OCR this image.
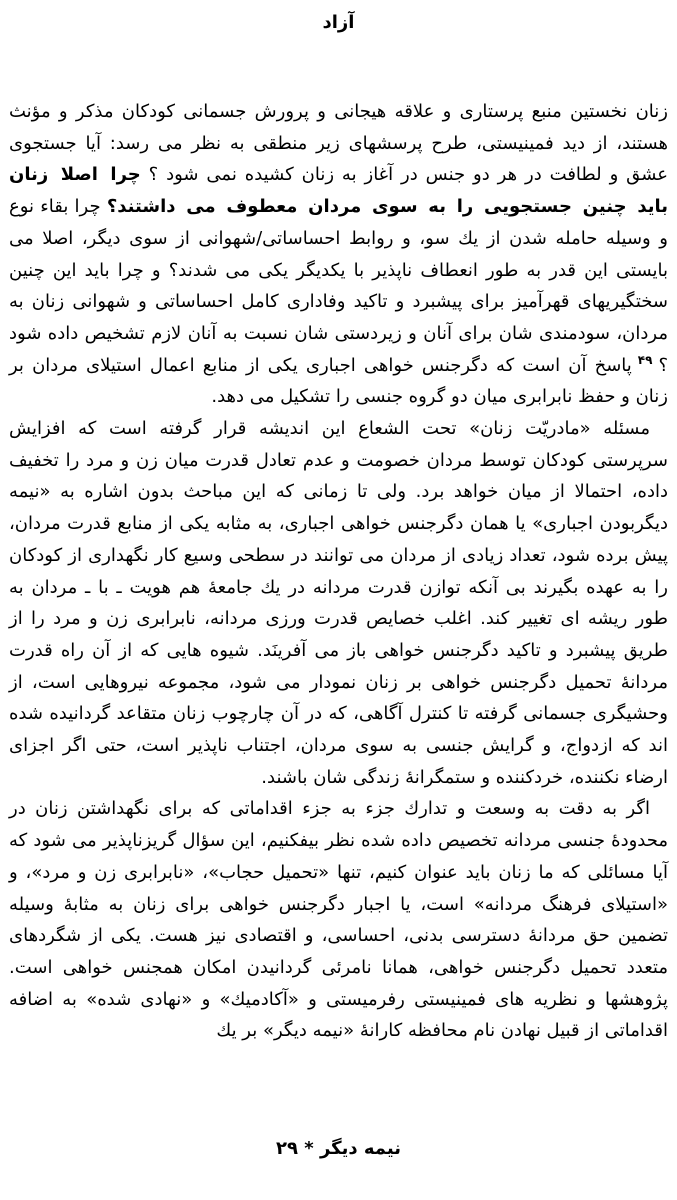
آزاد

زنان نخستین منبع پرستاری و علاقه هیجانی و پرورش جسمانی کودکان مذکر و مؤنث هستند، از دید فمینیستی، طرح پرسشهای زیر منطقی به نظر می رسد: آیا جستجوی عشق و لطافت در هر دو جنس در آغاز به زنان کشیده نمی شود ؟ چرا اصلا زنان باید چنین جستجویی را به سوی مردان معطوف می داشتند؟ چرا بقاء نوع و وسیله حامله شدن از یك سو، و روابط احساساتی/شهوانی از سوی دیگر، اصلا می بایستی این قدر به طور انعطاف ناپذیر با یکدیگر یکی می شدند؟ و چرا باید این چنین سختگیریهای قهرآمیز برای پیشبرد و تاکید وفاداری کامل احساساتی و شهوانی زنان به مردان، سودمندی شان برای آنان و زیردستی شان نسبت به آنان لازم تشخیص داده شود ؟$^{۴۹}$پاسخ آن است که دگرجنس خواهی اجباری یکی از منابع اعمال استیلای مردان بر زنان و حفظ نابرابری میان دو گروه جنسی را تشکیل می دهد.

مسئله «مادریّت زنان» تحت الشعاع این اندیشه قرار گرفته است که افزایش سرپرستی کودکان توسط مردان خصومت و عدم تعادل قدرت میان زن و مرد را تخفیف داده، احتمالا از میان خواهد برد. ولی تا زمانی که این مباحث بدون اشاره به «نیمه دیگربودن اجباری» یا همان دگرجنس خواهی اجباری، به مثابه یکی از منابع قدرت مردان، پیش برده شود، تعداد زیادی از مردان می توانند در سطحی وسیع کار نگهداری از کودکان را به عهده بگیرند بی آنکه توازن قدرت مردانه در یك جامعهٔ هم هویت ـ با ـ مردان به طور ریشه ای تغییر کند. اغلب خصایص قدرت ورزی مردانه، نابرابری زن و مرد را از طریق پیشبرد و تاکید دگرجنس خواهی باز می آفرینَد. شیوه هایی که از آن راه قدرت مردانهٔ تحمیل دگرجنس خواهی بر زنان نمودار می شود، مجموعه نیروهایی است، از وحشیگری جسمانی گرفته تا کنترل آگاهی، که در آن چارچوب زنان متقاعد گردانیده شده اند که ازدواج، و گرایش جنسی به سوی مردان، اجتناب ناپذیر است، حتی اگر اجزای ارضاء نکننده، خردکننده و ستمگرانهٔ زندگی شان باشند.

اگر به دقت به وسعت و تدارك جزء به جزء اقداماتی که برای نگهداشتن زنان در محدودهٔ جنسی مردانه تخصیص داده شده نظر بیفکنیم، این سؤال گریزناپذیر می شود که آیا مسائلی که ما زنان باید عنوان کنیم، تنها «تحمیل حجاب»، «نابرابری زن و مرد»، و «استیلای فرهنگ مردانه» است، یا اجبار دگرجنس خواهی برای زنان به مثابهٔ وسیله تضمین حق مردانهٔ دسترسی بدنی، احساسی، و اقتصادی نیز هست. یکی از شگردهای متعدد تحمیل دگرجنس خواهی، همانا نامرئی گردانیدن امکان همجنس خواهی است. پژوهشها و نظریه های فمینیستی رفرمیستی و «آکادمیك» و «نهادی شده» به اضافه اقداماتی از قبیل نهادن نام محافظه کارانهٔ «نیمه دیگر» بر یك

نیمه دیگر * ۲۹
